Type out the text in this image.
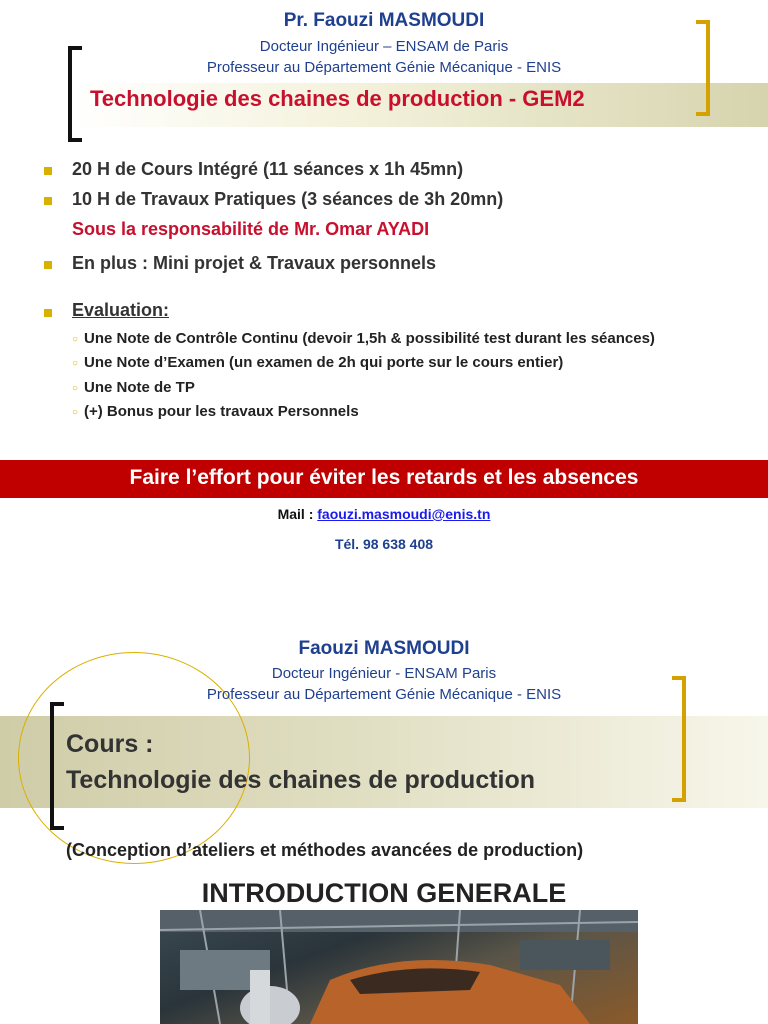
Pr. Faouzi MASMOUDI
Docteur Ingénieur – ENSAM de Paris
Professeur au Département Génie Mécanique - ENIS
Technologie des chaines de production - GEM2
20 H de Cours Intégré (11 séances x 1h 45mn)
10 H de Travaux Pratiques (3 séances de 3h 20mn)
Sous la responsabilité de Mr. Omar AYADI
En plus : Mini projet & Travaux personnels
Evaluation:
○ Une Note de Contrôle Continu (devoir 1,5h & possibilité test durant les séances)
○ Une Note d’Examen (un examen de 2h qui porte sur le cours entier)
○ Une Note de TP
○ (+) Bonus pour les travaux Personnels
Faire l’effort pour éviter les retards et les absences
Mail : faouzi.masmoudi@enis.tn
Tél. 98 638 408
Faouzi MASMOUDI
Docteur Ingénieur - ENSAM Paris
Professeur au Département Génie Mécanique - ENIS
Cours :
Technologie des chaines de production
(Conception d’ateliers et méthodes avancées de production)
INTRODUCTION GENERALE
